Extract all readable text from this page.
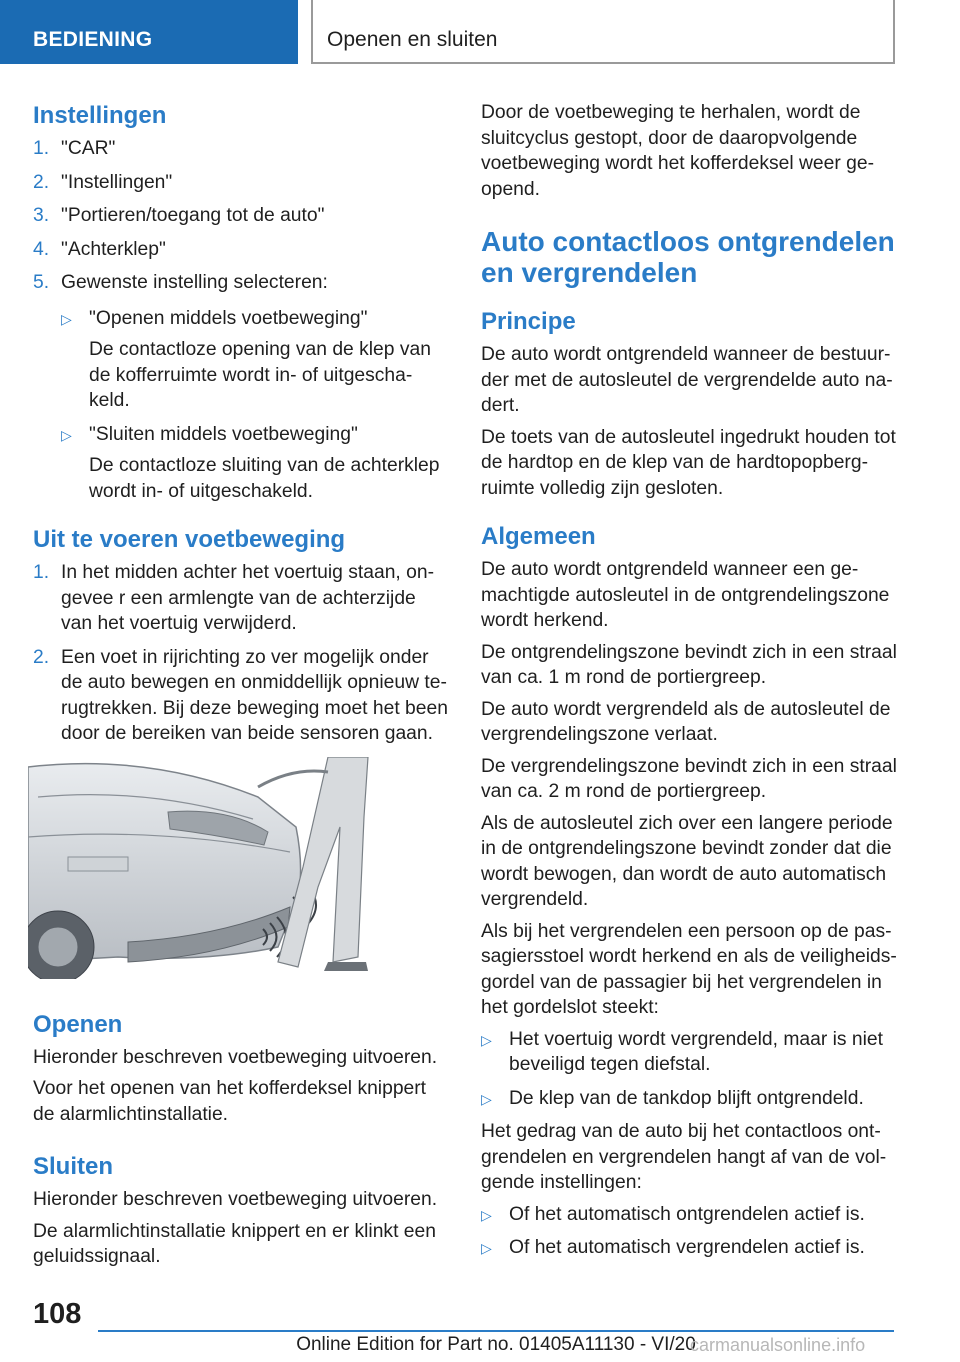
BEDIENING	Openen en sluiten
Instellingen
1. "CAR"
2. "Instellingen"
3. "Portieren/toegang tot de auto"
4. "Achterklep"
5. Gewenste instelling selecteren:
▷ "Openen middels voetbeweging"
De contactloze opening van de klep van de kofferruimte wordt in- of uitgescha-keld.
▷ "Sluiten middels voetbeweging"
De contactloze sluiting van de achterklep wordt in- of uitgeschakeld.
Uit te voeren voetbeweging
1. In het midden achter het voertuig staan, on-gevee r een armlengte van de achterzijde van het voertuig verwijderd.
2. Een voet in rijrichting zo ver mogelijk onder de auto bewegen en onmiddellijk opnieuw te-rugtrekken. Bij deze beweging moet het been door de bereiken van beide sensoren gaan.
Openen

Hieronder beschreven voetbeweging uitvoeren.

Voor het openen van het kofferdeksel knippert de alarmlichtinstallatie.

Sluiten

Hieronder beschreven voetbeweging uitvoeren.

De alarmlichtinstallatie knippert en er klinkt een geluidssignaal.

Door de voetbeweging te herhalen, wordt de sluitcyclus gestopt, door de daaropvolgende voetbeweging wordt het kofferdeksel weer ge-opend.

Auto contactloos ontgrendelen en vergrendelen
Principe

De auto wordt ontgrendeld wanneer de bestuur-der met de autosleutel de vergrendelde auto na-dert.

De toets van de autosleutel ingedrukt houden tot de hardtop en de klep van de hardtopopberg-ruimte volledig zijn gesloten.

Algemeen

De auto wordt ontgrendeld wanneer een ge-machtigde autosleutel in de ontgrendelingszone wordt herkend.

De ontgrendelingszone bevindt zich in een straal van ca. 1 m rond de portiergreep.

De auto wordt vergrendeld als de autosleutel de vergrendelingszone verlaat.

De vergrendelingszone bevindt zich in een straal van ca. 2 m rond de portiergreep.

Als de autosleutel zich over een langere periode in de ontgrendelingszone bevindt zonder dat die wordt bewogen, dan wordt de auto automatisch vergrendeld.

Als bij het vergrendelen een persoon op de pas-sagiersstoel wordt herkend en als de veiligheids-gordel van de passagier bij het vergrendelen in het gordelslot steekt:

▷ Het voertuig wordt vergrendeld, maar is niet beveiligd tegen diefstal.
▷ De klep van de tankdop blijft ontgrendeld.

Het gedrag van de auto bij het contactloos ont-grendelen en vergrendelen hangt af van de vol-gende instellingen:

▷ Of het automatisch ontgrendelen actief is.
▷ Of het automatisch vergrendelen actief is.
108
Online Edition for Part no. 01405A11130 - VI/20
carmanualsonline.info
